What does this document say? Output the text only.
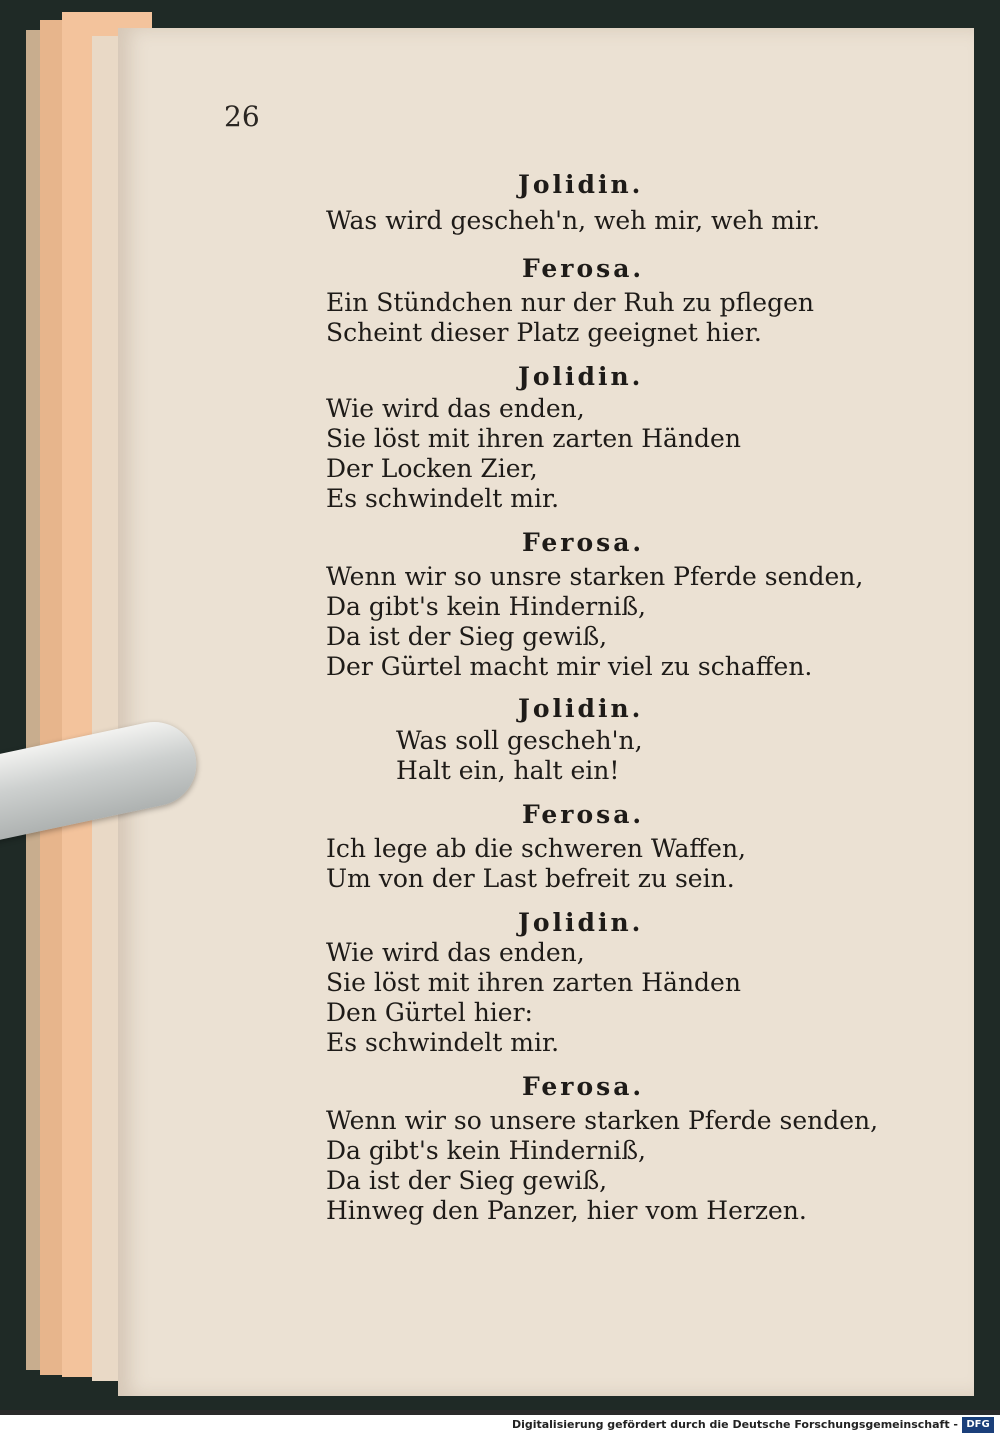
26
Jolidin.
Was wird gescheh'n, weh mir, weh mir.
Ferosa.
Ein Stündchen nur der Ruh zu pflegen
Scheint dieser Platz geeignet hier.
Jolidin.
Wie wird das enden,
Sie löst mit ihren zarten Händen
Der Locken Zier,
Es schwindelt mir.
Ferosa.
Wenn wir so unsre starken Pferde senden,
Da gibt's kein Hinderniß,
Da ist der Sieg gewiß,
Der Gürtel macht mir viel zu schaffen.
Jolidin.
Was soll gescheh'n,
Halt ein, halt ein!
Ferosa.
Ich lege ab die schweren Waffen,
Um von der Last befreit zu sein.
Jolidin.
Wie wird das enden,
Sie löst mit ihren zarten Händen
Den Gürtel hier:
Es schwindelt mir.
Ferosa.
Wenn wir so unsere starken Pferde senden,
Da gibt's kein Hinderniß,
Da ist der Sieg gewiß,
Hinweg den Panzer, hier vom Herzen.
Digitalisierung gefördert durch die Deutsche Forschungsgemeinschaft - DFG
